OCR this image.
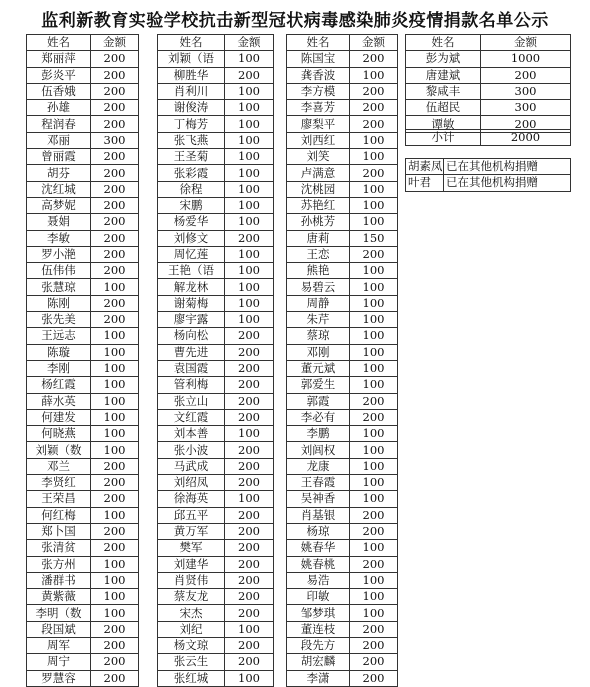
监利新教育实验学校抗击新型冠状病毒感染肺炎疫情捐款名单公示
姓名	金额
郑丽萍	200
彭炎平	200
伍香娥	200
孙雄	200
程润春	200
邓丽	300
曾丽霞	200
胡芬	200
沈红城	200
高梦妮	200
聂娟	200
李敏	200
罗小滟	200
伍伟伟	200
张慧琼	100
陈刚	200
张先美	200
王远志	100
陈璇	100
李刚	100
杨红霞	100
薛水英	100
何建发	100
何晓燕	100
刘颖（数	100
邓兰	200
李贤红	200
王荣昌	200
何红梅	100
郑卜国	200
张清贫	200
张方州	100
潘群书	100
黄紫薇	100
李明（数	100
段国斌	200
周军	200
周宁	200
罗慧容	200
姓名	金额
刘颖（语	100
柳胜华	200
肖利川	100
谢俊涛	100
丁梅芳	100
张飞燕	100
王圣菊	100
张彩霞	100
徐程	100
宋鹏	100
杨爱华	100
刘修文	200
周忆莲	100
王艳（语	100
解龙林	100
谢菊梅	100
廖宇露	100
杨向松	200
曹先进	200
袁国霞	200
管利梅	200
张立山	200
文红霞	200
刘本善	100
张小波	200
马武成	200
刘绍凤	200
徐海英	100
邱五平	200
黄万军	200
樊军	200
刘建华	200
肖贤伟	200
蔡友龙	200
宋杰	200
刘纪	100
杨文琼	200
张云生	200
张红城	100
姓名	金额
陈国宝	200
龚香波	100
李方模	200
李喜芳	200
廖梨平	200
刘西红	100
刘笑	100
卢满意	200
沈桃园	100
苏艳红	100
孙桃芳	100
唐莉	150
王恋	200
熊艳	100
易碧云	100
周静	100
朱芹	100
蔡琼	100
邓刚	100
董元斌	100
郭爱生	100
郭霞	200
李必有	200
李鹏	100
刘闾权	100
龙康	100
王春霞	100
吴神香	100
肖基银	200
杨琼	200
姚春华	100
姚春桃	200
易浩	100
印敏	100
邹梦琪	100
董连枝	200
段先方	200
胡宏麟	200
李潇	200
姓名	金额
彭为斌	1000
唐建斌	200
黎咸丰	300
伍超民	300
谭敏	200
小计	2000
胡素凤	已在其他机构捐赠
叶君	已在其他机构捐赠
